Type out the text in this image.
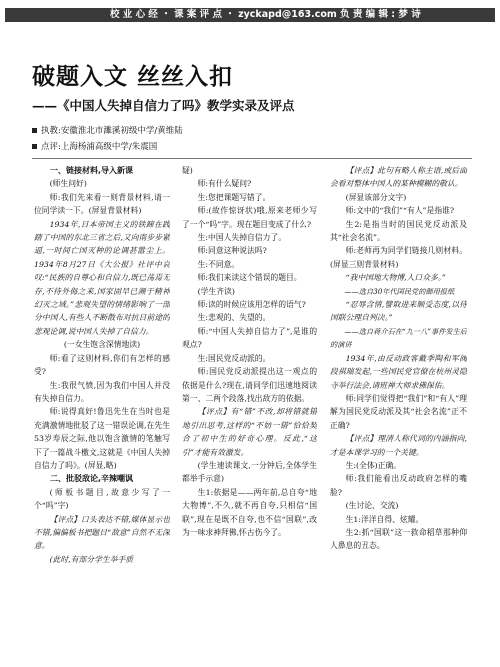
校 业 心 经 ・ 课 案 评 点 ・ zyckapd@163.com 负 责 编 辑 : 梦 诗
破题入文 丝丝入扣
——《中国人失掉自信力了吗》教学实录及评点
执教:安徽淮北市濉溪初级中学/黄维陆
点评:上海杨浦高级中学/朱震国

一、链接材料,导入新课

(师生问好)

师:我们先来看一则背景材料,请一位同学读一下。(屏显背景材料)

1934年,日本帝国主义的铁蹄在践踏了中国的东北三省之后,又向南步步紧逼,一时间亡国灭种的论调甚嚣尘上。1934年8月27日《大公报》社评中哀叹:“民族的自尊心和自信力,既已荡焉无存,不待外侮之来,国家固早已濒于精神幻灭之域。”悲观失望的情绪影响了一部分中国人,有些人不断散布对抗日前途的悲观论调,说中国人失掉了自信力。

(一女生饱含深情地读)

师:看了这则材料,你们有怎样的感受?

生:我很气愤,因为我们中国人并没有失掉自信力。

师:说得真好!鲁迅先生在当时也是充满激情地批驳了这一错误论调,在先生53岁寿辰之际,他以饱含激情的笔触写下了一篇战斗檄文,这就是《中国人失掉自信力了吗》。(屏显,略)

二、批驳敌论,辛辣嘲讽

(师板书题目,故意少写了一个“吗”字)

【评点】口头表达不错,媒体显示也不错,偏偏板书把题目“敌意”自然不无深意。

(此时,有部分学生举手质

疑)

师:有什么疑问?

生:您把课题写错了。

师:(故作惊讶状)哦,原来老师少写了一个“吗”字。现在题目变成了什么?

生:中国人失掉自信力了。

师:同意这种说法吗?

生:不同意。

师:我们来读这个错误的题目。

(学生齐读)

师:读的时候应该用怎样的语气?

生:悲观的、失望的。

师:“中国人失掉自信力了”,是谁的观点?

生:国民党反动派的。

师:国民党反动派提出这一观点的依据是什么?现在,请同学们迅速地阅读第一、二两个段落,找出敌方的依据。

【评点】有“错”不改,却将错就错地引出思考,这样的“不妨一错”恰恰契合了初中生的好奇心理。反此,“这引”才能有效激发。

(学生速读课文,一分钟后,全体学生都举手示意)

生1:依据是——两年前,总自夸“地大物博”,不久,就不再自夸,只相信“国联”,现在是既不自夸,也不信“国联”,改为一味求神拜佛,怀古伤今了。

【评点】此句有略人称主语,或后面会看对整体中国人的某种模糊的敬认。

(屏显该部分文字)

师:文中的“我们”“有人”是指谁?

生2:是指当时的国民党反动派及其“社会名流”。

师:老师再为同学们链接几则材料。(屏显三则背景材料)

“我中国地大物博,人口众多。”

——选自30年代国民党的御用报纸

“忍辱含情,譬取进来顺受态度,以待国联公理自判决。”

——选自蒋介石在“九一八”事件发生后的演讲

1934年,由反动政客戴季陶和军阀段祺瑞发起,一些国民党官僚在杭州灵隐寺举行法会,请班禅大师求佛保佑。

师:同学们觉得把“我们”和“有人”理解为国民党反动派及其“社会名流”正不正确?

【评点】理清人称代词的内涵指向,才是本课学习的一个关键。

生:(全体)正确。

师:我们能看出反动政府怎样的嘴脸?

(生讨论、交流)

生1:洋洋自得、炫耀。

生2:抓“国联”这一救命稻草那种仰人鼻息的丑态。
